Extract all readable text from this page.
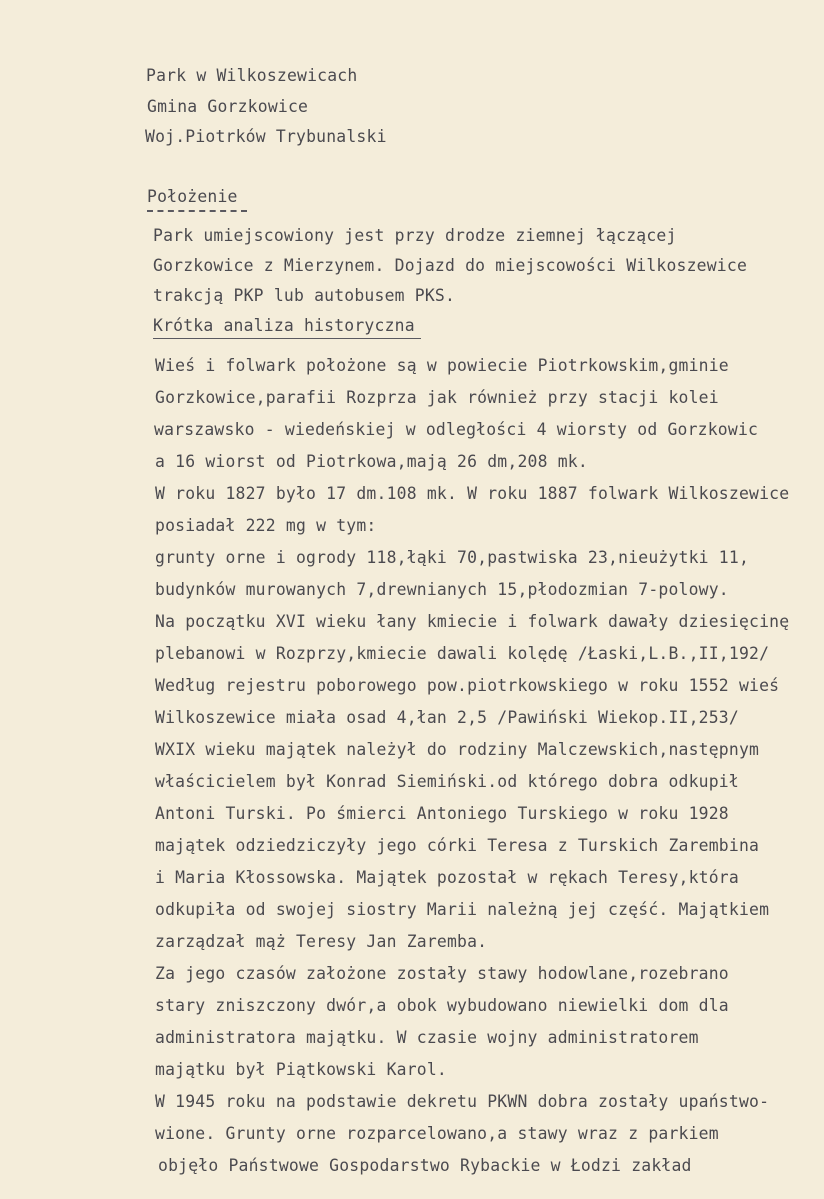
Park w Wilkoszewicach
Gmina Gorzkowice
Woj.Piotrków Trybunalski
Położenie
Park umiejscowiony jest przy drodze ziemnej łączącej
Gorzkowice z Mierzynem. Dojazd do miejscowości Wilkoszewice
trakcją PKP lub autobusem PKS.
Krótka analiza historyczna
Wieś i folwark położone są w powiecie Piotrkowskim,gminie
Gorzkowice,parafii Rozprza jak również przy stacji kolei
warszawsko - wiedeńskiej w odległości 4 wiorsty od Gorzkowic
a 16 wiorst od Piotrkowa,mają 26 dm,208 mk.
W roku 1827 było 17 dm.108 mk. W roku 1887 folwark Wilkoszewice
posiadał 222 mg w tym:
grunty orne i ogrody 118,łąki 70,pastwiska 23,nieużytki 11,
budynków murowanych 7,drewnianych 15,płodozmian 7-polowy.
Na początku XVI wieku łany kmiecie i folwark dawały dziesięcinę
plebanowi w Rozprzy,kmiecie dawali kolędę /Łaski,L.B.,II,192/
Według rejestru poborowego pow.piotrkowskiego w roku 1552 wieś
Wilkoszewice miała osad 4,łan 2,5 /Pawiński Wiekop.II,253/
WXIX wieku majątek należył do rodziny Malczewskich,następnym
właścicielem był Konrad Siemiński.od którego dobra odkupił
Antoni Turski. Po śmierci Antoniego Turskiego w roku 1928
majątek odziedziczyły jego córki Teresa z Turskich Zarembina
i Maria Kłossowska. Majątek pozostał w rękach Teresy,która
odkupiła od swojej siostry Marii należną jej część. Majątkiem
zarządzał mąż Teresy Jan Zaremba.
Za jego czasów założone zostały stawy hodowlane,rozebrano
stary zniszczony dwór,a obok wybudowano niewielki dom dla
administratora majątku. W czasie wojny administratorem
majątku był Piątkowski Karol.
W 1945 roku na podstawie dekretu PKWN dobra zostały upaństwo-
wione. Grunty orne rozparcelowano,a stawy wraz z parkiem
objęło Państwowe Gospodarstwo Rybackie w Łodzi zakład
